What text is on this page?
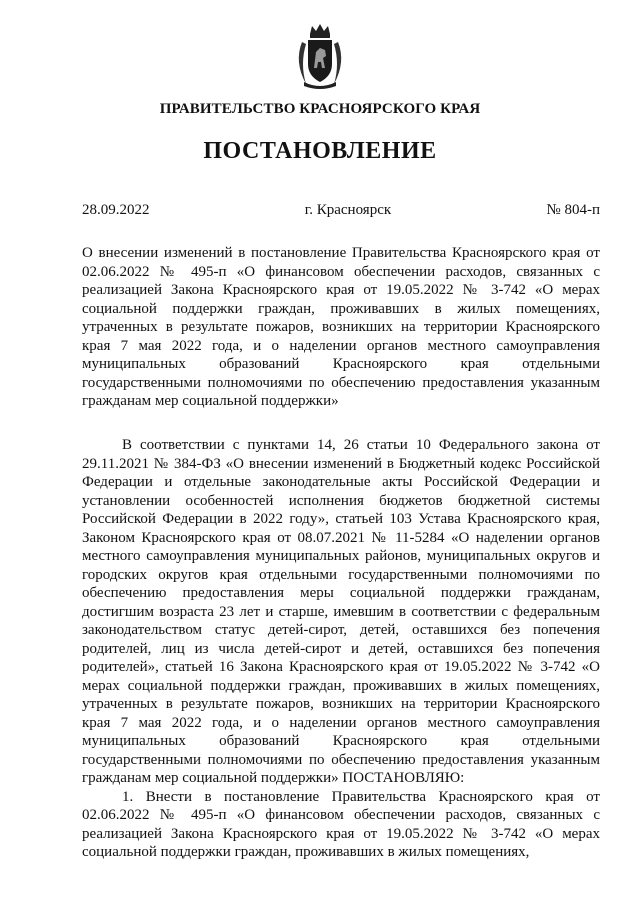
ПРАВИТЕЛЬСТВО КРАСНОЯРСКОГО КРАЯ
ПОСТАНОВЛЕНИЕ
28.09.2022	г. Красноярск	№ 804-п
О внесении изменений в постановление Правительства Красноярского края от 02.06.2022 № 495-п «О финансовом обеспечении расходов, связанных с реализацией Закона Красноярского края от 19.05.2022 № 3-742 «О мерах социальной поддержки граждан, проживавших в жилых помещениях, утраченных в результате пожаров, возникших на территории Красноярского края 7 мая 2022 года, и о наделении органов местного самоуправления муниципальных образований Красноярского края отдельными государственными полномочиями по обеспечению предоставления указанным гражданам мер социальной поддержки»

В соответствии с пунктами 14, 26 статьи 10 Федерального закона от 29.11.2021 № 384-ФЗ «О внесении изменений в Бюджетный кодекс Российской Федерации и отдельные законодательные акты Российской Федерации и установлении особенностей исполнения бюджетов бюджетной системы Российской Федерации в 2022 году», статьей 103 Устава Красноярского края, Законом Красноярского края от 08.07.2021 № 11-5284 «О наделении органов местного самоуправления муниципальных районов, муниципальных округов и городских округов края отдельными государственными полномочиями по обеспечению предоставления меры социальной поддержки гражданам, достигшим возраста 23 лет и старше, имевшим в соответствии с федеральным законодательством статус детей-сирот, детей, оставшихся без попечения родителей, лиц из числа детей-сирот и детей, оставшихся без попечения родителей», статьей 16 Закона Красноярского края от 19.05.2022 № 3-742 «О мерах социальной поддержки граждан, проживавших в жилых помещениях, утраченных в результате пожаров, возникших на территории Красноярского края 7 мая 2022 года, и о наделении органов местного самоуправления муниципальных образований Красноярского края отдельными государственными полномочиями по обеспечению предоставления указанным гражданам мер социальной поддержки» ПОСТАНОВЛЯЮ:

1. Внести в постановление Правительства Красноярского края от 02.06.2022 № 495-п «О финансовом обеспечении расходов, связанных с реализацией Закона Красноярского края от 19.05.2022 № 3-742 «О мерах социальной поддержки граждан, проживавших в жилых помещениях,
